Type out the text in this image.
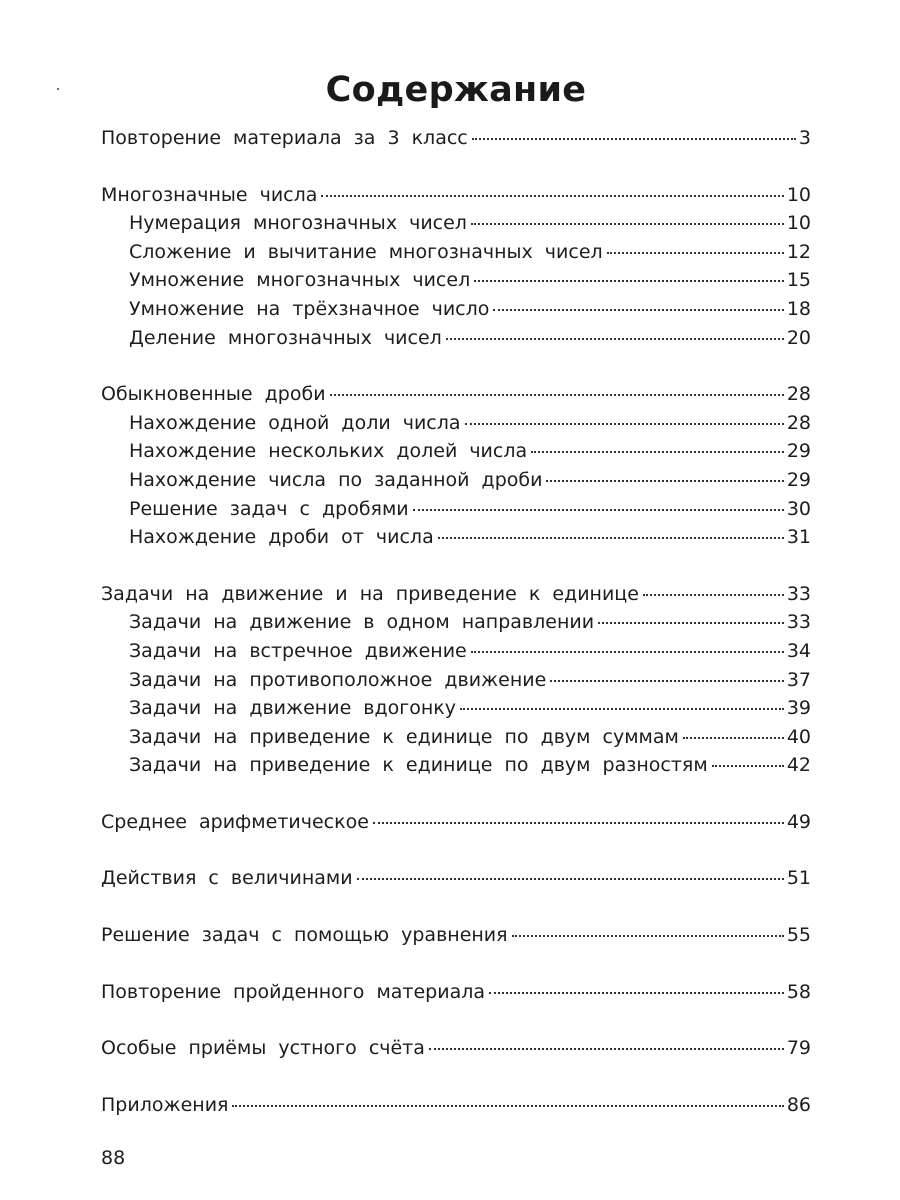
Содержание
Повторение материала за 3 класс	3
Многозначные числа	10
Нумерация многозначных чисел	10
Сложение и вычитание многозначных чисел	12
Умножение многозначных чисел	15
Умножение на трёхзначное число	18
Деление многозначных чисел	20
Обыкновенные дроби	28
Нахождение одной доли числа	28
Нахождение нескольких долей числа	29
Нахождение числа по заданной дроби	29
Решение задач с дробями	30
Нахождение дроби от числа	31
Задачи на движение и на приведение к единице	33
Задачи на движение в одном направлении	33
Задачи на встречное движение	34
Задачи на противоположное движение	37
Задачи на движение вдогонку	39
Задачи на приведение к единице по двум суммам	40
Задачи на приведение к единице по двум разностям	42
Среднее арифметическое	49
Действия с величинами	51
Решение задач с помощью уравнения	55
Повторение пройденного материала	58
Особые приёмы устного счёта	79
Приложения	86
88
